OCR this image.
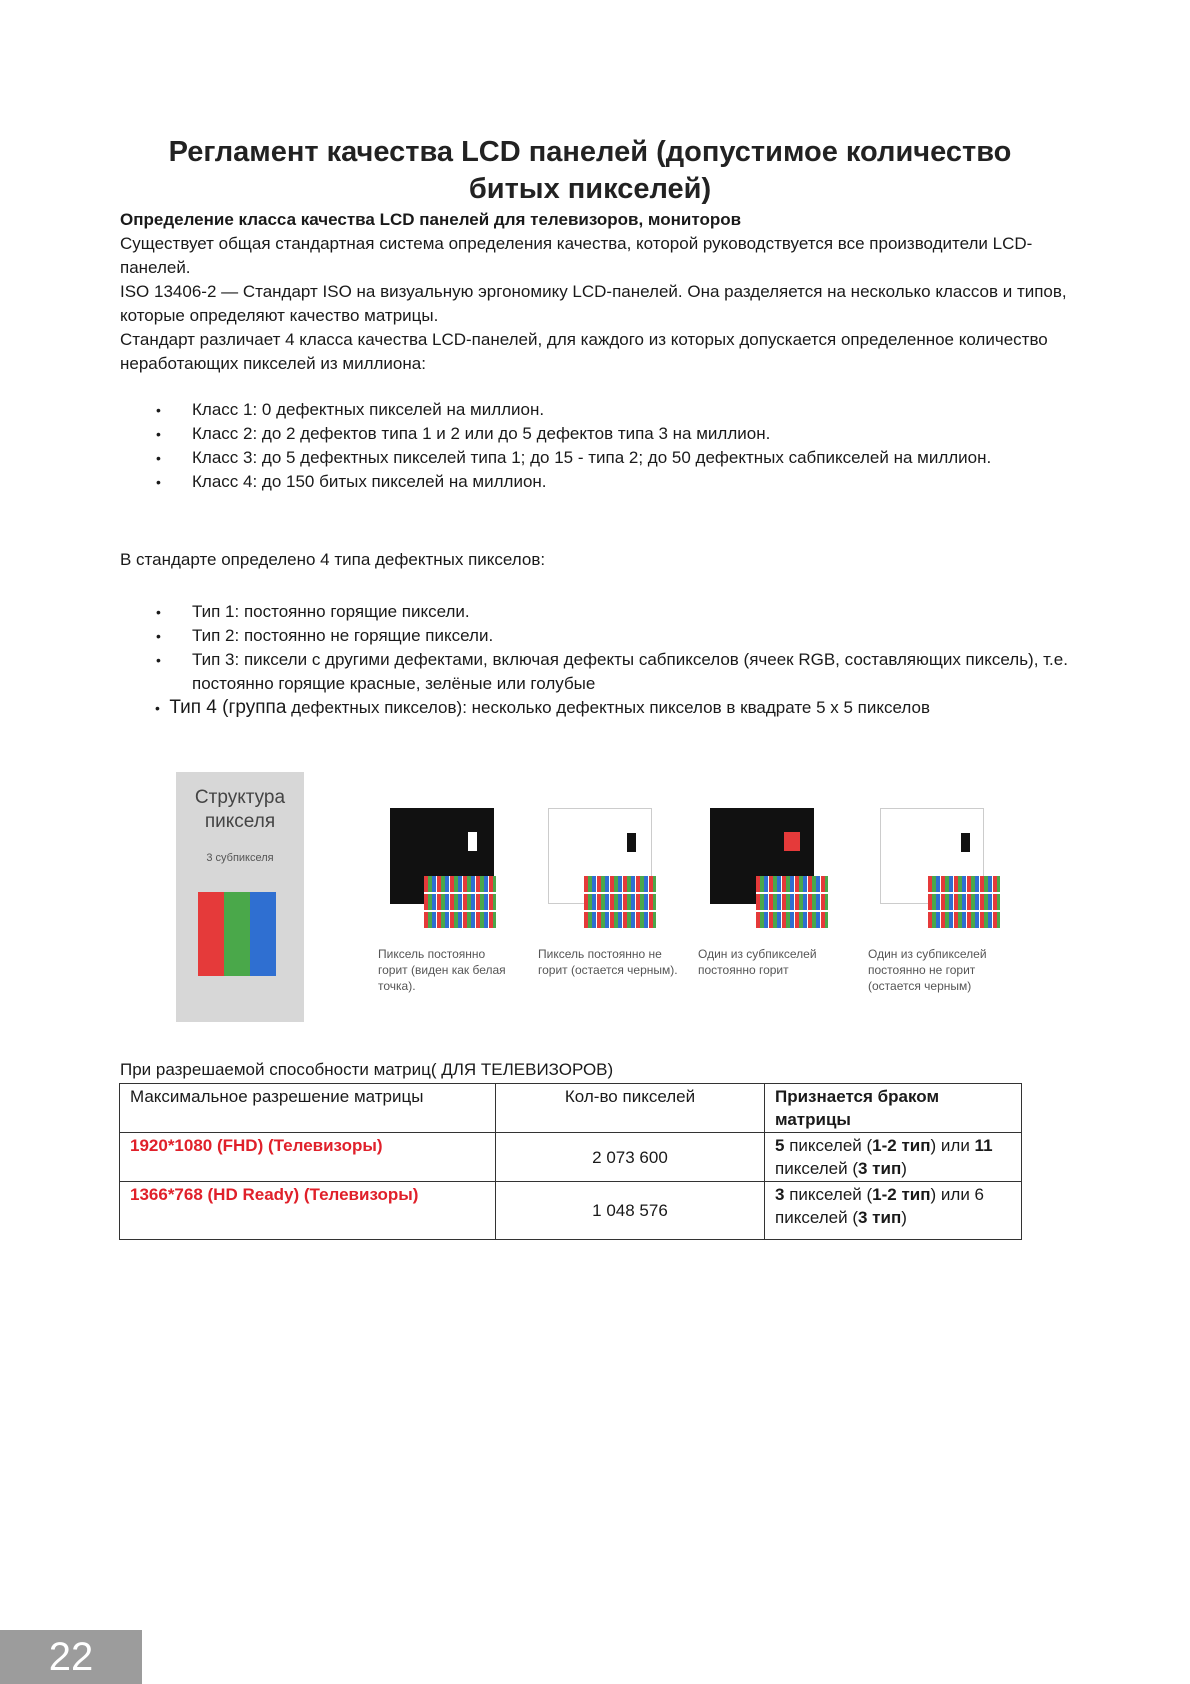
Регламент качества LCD панелей (допустимое количество битых пикселей)

Определение класса качества LCD панелей для телевизоров, мониторов

Существует общая стандартная система определения качества, которой руководствуется все производители LCD-панелей.

ISO 13406-2 — Стандарт ISO на визуальную эргономику LCD-панелей. Она разделяется на несколько классов и типов, которые определяют качество матрицы.

Стандарт различает 4 класса качества LCD-панелей, для каждого из которых допускается определенное количество неработающих пикселей из миллиона:

• Класс 1: 0 дефектных пикселей на миллион.
• Класс 2: до 2 дефектов типа 1 и 2 или до 5 дефектов типа 3 на миллион.
• Класс 3: до 5 дефектных пикселей типа 1; до 15 - типа 2; до 50 дефектных сабпикселей на миллион.
• Класс 4: до 150 битых пикселей на миллион.
В стандарте определено 4 типа дефектных пикселов:
• Тип 1: постоянно горящие пиксели.
• Тип 2: постоянно не горящие пиксели.
• Тип 3: пиксели с другими дефектами, включая дефекты сабпикселов (ячеек RGB, составляющих пиксель), т.е. постоянно горящие красные, зелёные или голубые
• Тип 4 (группа дефектных пикселов): несколько дефектных пикселов в квадрате 5 x 5 пикселов
Структура пикселя
3 субпикселя
Пиксель постоянно горит (виден как белая точка).
Пиксель постоянно не горит (остается черным).
Один из субпикселей постоянно горит
Один из субпикселей постоянно не горит (остается черным)
При разрешаемой способности матриц( ДЛЯ ТЕЛЕВИЗОРОВ)
Максимальное разрешение матрицы	Кол-во пикселей	Признается браком матрицы
1920*1080 (FHD) (Телевизоры)	2 073 600	5 пикселей (1-2 тип) или 11 пикселей (3 тип)
1366*768 (HD Ready) (Телевизоры)	1 048 576	3 пикселей (1-2 тип) или 6 пикселей (3 тип)
22
